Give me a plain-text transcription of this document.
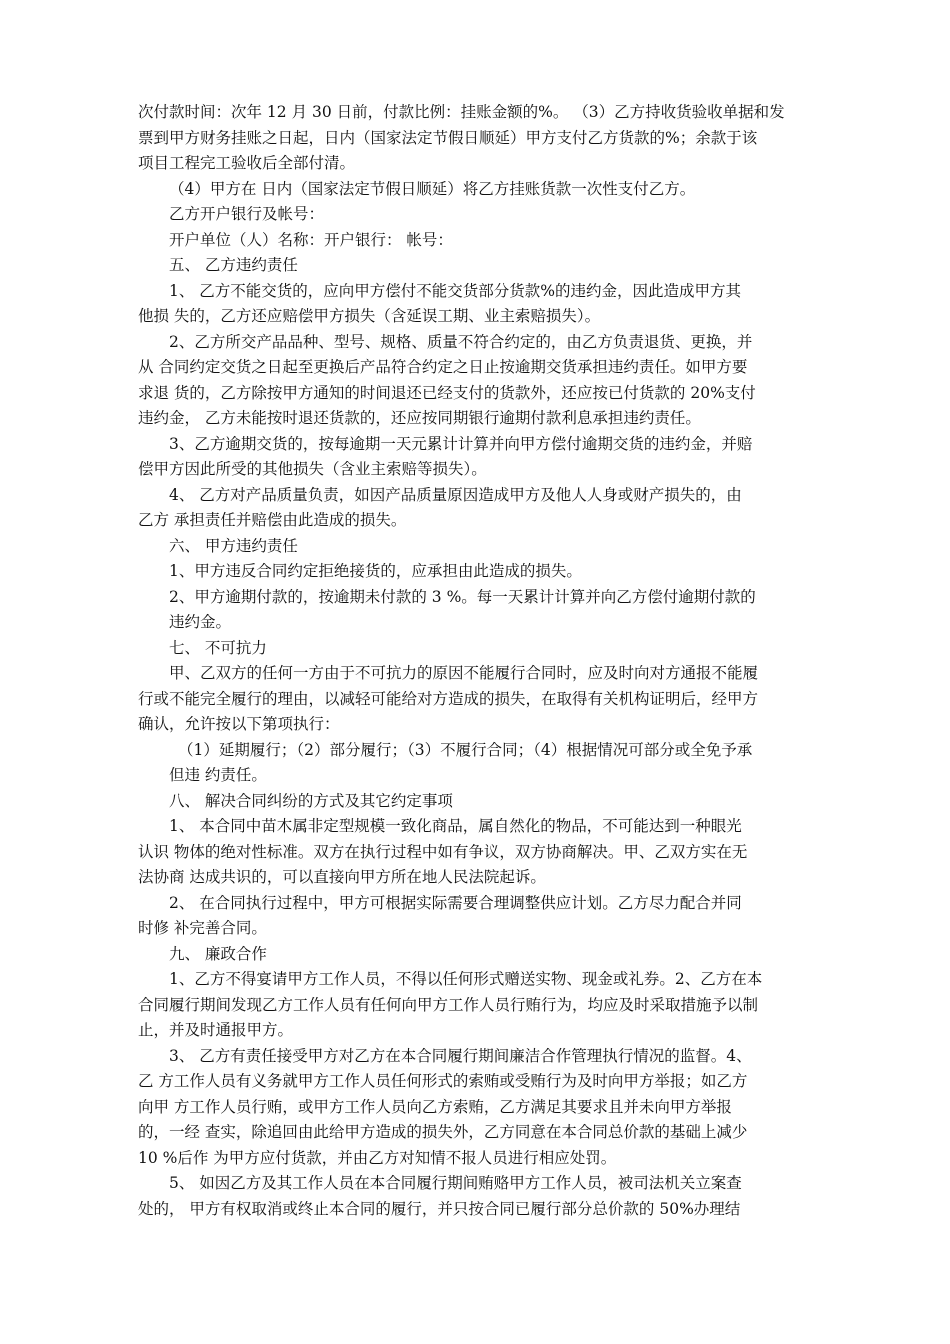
次付款时间：次年 12 月 30 日前，付款比例：挂账金额的%。 （3）乙方持收货验收单据和发

票到甲方财务挂账之日起，日内（国家法定节假日顺延）甲方支付乙方货款的%；余款于该

项目工程完工验收后全部付清。

（4）甲方在 日内（国家法定节假日顺延）将乙方挂账货款一次性支付乙方。

乙方开户银行及帐号：

开户单位（人）名称：开户银行： 帐号：

五、 乙方违约责任

1、 乙方不能交货的，应向甲方偿付不能交货部分货款%的违约金，因此造成甲方其

他损 失的，乙方还应赔偿甲方损失（含延误工期、业主索赔损失）。

2、乙方所交产品品种、型号、规格、质量不符合约定的，由乙方负责退货、更换，并

从 合同约定交货之日起至更换后产品符合约定之日止按逾期交货承担违约责任。如甲方要

求退 货的，乙方除按甲方通知的时间退还已经支付的货款外，还应按已付货款的 20%支付

违约金， 乙方未能按时退还货款的，还应按同期银行逾期付款利息承担违约责任。

3、乙方逾期交货的，按每逾期一天元累计计算并向甲方偿付逾期交货的违约金，并赔

偿甲方因此所受的其他损失（含业主索赔等损失）。

4、 乙方对产品质量负责，如因产品质量原因造成甲方及他人人身或财产损失的，由

乙方 承担责任并赔偿由此造成的损失。

六、 甲方违约责任

1、甲方违反合同约定拒绝接货的，应承担由此造成的损失。

2、甲方逾期付款的，按逾期未付款的 3 %。每一天累计计算并向乙方偿付逾期付款的

违约金。

七、 不可抗力

甲、乙双方的任何一方由于不可抗力的原因不能履行合同时，应及时向对方通报不能履

行或不能完全履行的理由，以减轻可能给对方造成的损失，在取得有关机构证明后，经甲方

确认，允许按以下第项执行：

（1）延期履行；（2）部分履行；（3）不履行合同；（4）根据情况可部分或全免予承

但违 约责任。

八、 解决合同纠纷的方式及其它约定事项

1、 本合同中苗木属非定型规模一致化商品，属自然化的物品，不可能达到一种眼光

认识 物体的绝对性标准。双方在执行过程中如有争议，双方协商解决。甲、乙双方实在无

法协商 达成共识的，可以直接向甲方所在地人民法院起诉。

2、 在合同执行过程中，甲方可根据实际需要合理调整供应计划。乙方尽力配合并同

时修 补完善合同。

九、 廉政合作

1、乙方不得宴请甲方工作人员，不得以任何形式赠送实物、现金或礼券。2、乙方在本

合同履行期间发现乙方工作人员有任何向甲方工作人员行贿行为，均应及时采取措施予以制

止，并及时通报甲方。

3、 乙方有责任接受甲方对乙方在本合同履行期间廉洁合作管理执行情况的监督。4、

乙 方工作人员有义务就甲方工作人员任何形式的索贿或受贿行为及时向甲方举报；如乙方

向甲 方工作人员行贿，或甲方工作人员向乙方索贿，乙方满足其要求且并未向甲方举报

的，一经 查实，除追回由此给甲方造成的损失外，乙方同意在本合同总价款的基础上减少

10 %后作 为甲方应付货款，并由乙方对知情不报人员进行相应处罚。

5、 如因乙方及其工作人员在本合同履行期间贿赂甲方工作人员，被司法机关立案查

处的， 甲方有权取消或终止本合同的履行，并只按合同已履行部分总价款的 50%办理结
